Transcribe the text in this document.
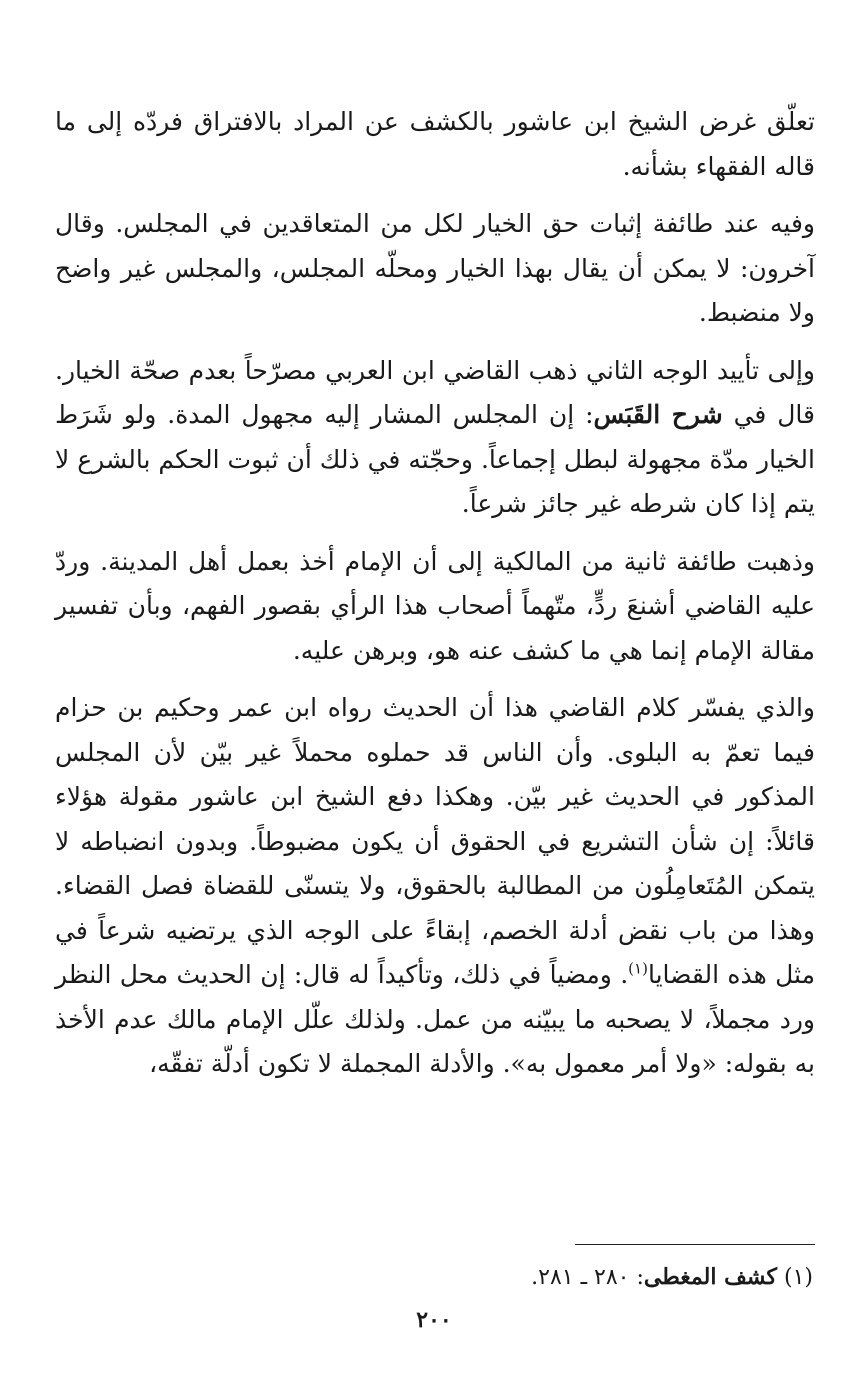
تعلّق غرض الشيخ ابن عاشور بالكشف عن المراد بالافتراق فردّه إلى ما قاله الفقهاء بشأنه.

وفيه عند طائفة إثبات حق الخيار لكل من المتعاقدين في المجلس. وقال آخرون: لا يمكن أن يقال بهذا الخيار ومحلّه المجلس، والمجلس غير واضح ولا منضبط.

وإلى تأييد الوجه الثاني ذهب القاضي ابن العربي مصرّحاً بعدم صحّة الخيار. قال في شرح القَبَس: إن المجلس المشار إليه مجهول المدة. ولو شَرَط الخيار مدّة مجهولة لبطل إجماعاً. وحجّته في ذلك أن ثبوت الحكم بالشرع لا يتم إذا كان شرطه غير جائز شرعاً.

وذهبت طائفة ثانية من المالكية إلى أن الإمام أخذ بعمل أهل المدينة. وردّ عليه القاضي أشنعَ ردٍّ، متّهماً أصحاب هذا الرأي بقصور الفهم، وبأن تفسير مقالة الإمام إنما هي ما كشف عنه هو، وبرهن عليه.

والذي يفسّر كلام القاضي هذا أن الحديث رواه ابن عمر وحكيم بن حزام فيما تعمّ به البلوى. وأن الناس قد حملوه محملاً غير بيّن لأن المجلس المذكور في الحديث غير بيّن. وهكذا دفع الشيخ ابن عاشور مقولة هؤلاء قائلاً: إن شأن التشريع في الحقوق أن يكون مضبوطاً. وبدون انضباطه لا يتمكن المُتَعامِلُون من المطالبة بالحقوق، ولا يتسنّى للقضاة فصل القضاء. وهذا من باب نقض أدلة الخصم، إبقاءً على الوجه الذي يرتضيه شرعاً في مثل هذه القضايا$^{(١)}$. ومضياً في ذلك، وتأكيداً له قال: إن الحديث محل النظر ورد مجملاً، لا يصحبه ما يبيّنه من عمل. ولذلك علّل الإمام مالك عدم الأخذ به بقوله: «ولا أمر معمول به». والأدلة المجملة لا تكون أدلّة تفقّه،

(١) كشف المغطى: ٢٨٠ ـ ٢٨١.
٢٠٠
